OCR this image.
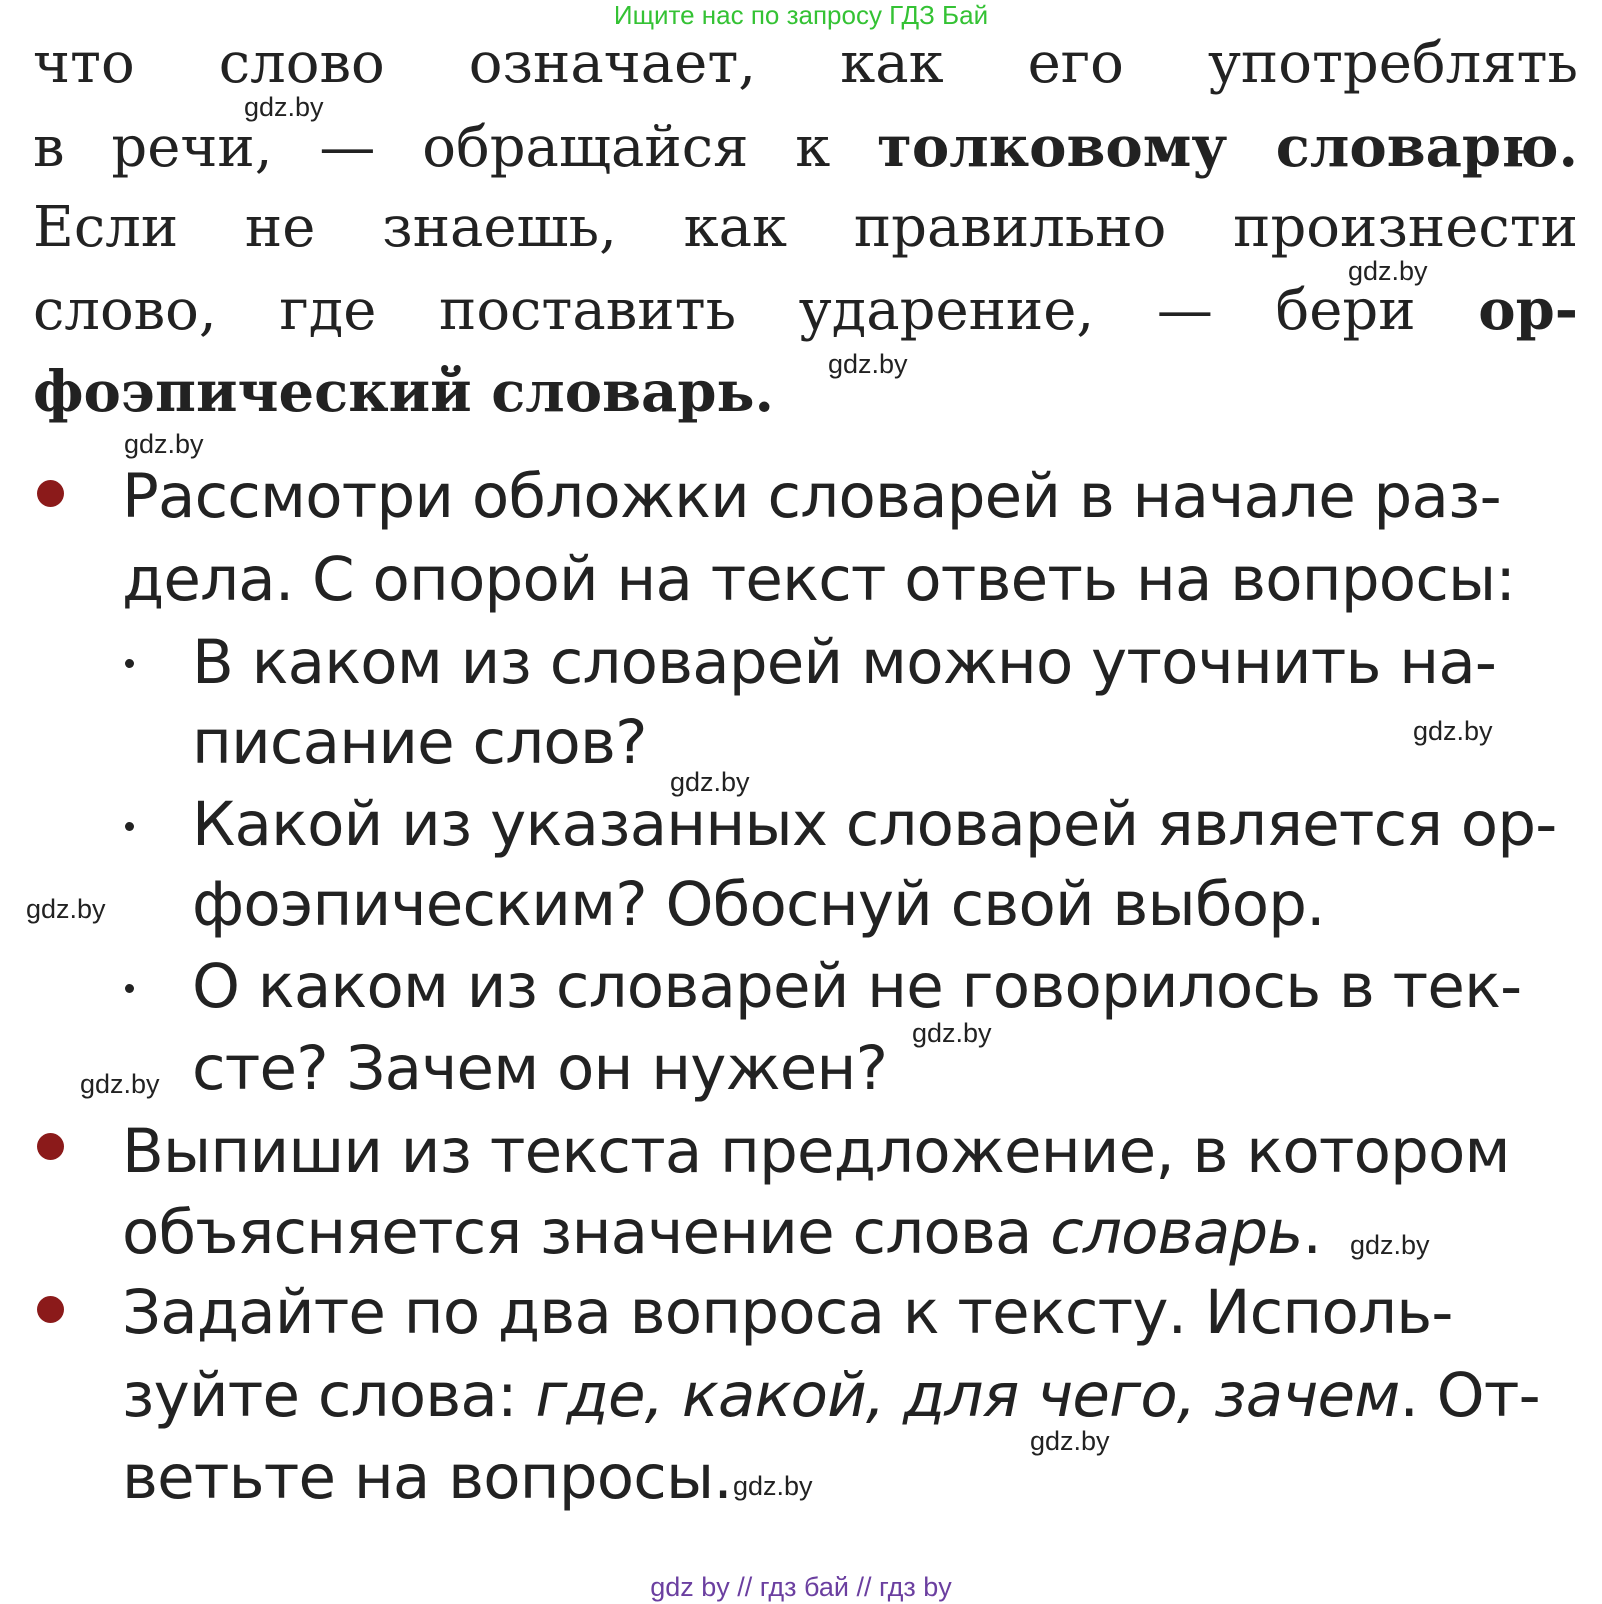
Ищите нас по запросу ГДЗ Бай
что слово означает, как его употреблять
в речи, — обращайся к толковому словарю.
Если не знаешь, как правильно произнести
слово, где поставить ударение, — бери ор-
фоэпический словарь.
Рассмотри обложки словарей в начале раз-
дела. С опорой на текст ответь на вопросы:
В каком из словарей можно уточнить на-
писание слов?
Какой из указанных словарей является ор-
фоэпическим? Обоснуй свой выбор.
О каком из словарей не говорилось в тек-
сте? Зачем он нужен?
Выпиши из текста предложение, в котором
объясняется значение слова словарь.
Задайте по два вопроса к тексту. Исполь-
зуйте слова: где, какой, для чего, зачем. От-
ветьте на вопросы.
gdz.by
gdz.by
gdz.by
gdz.by
gdz.by
gdz.by
gdz.by
gdz.by
gdz.by
gdz.by
gdz.by
gdz.by
gdz by // гдз бай // гдз by
